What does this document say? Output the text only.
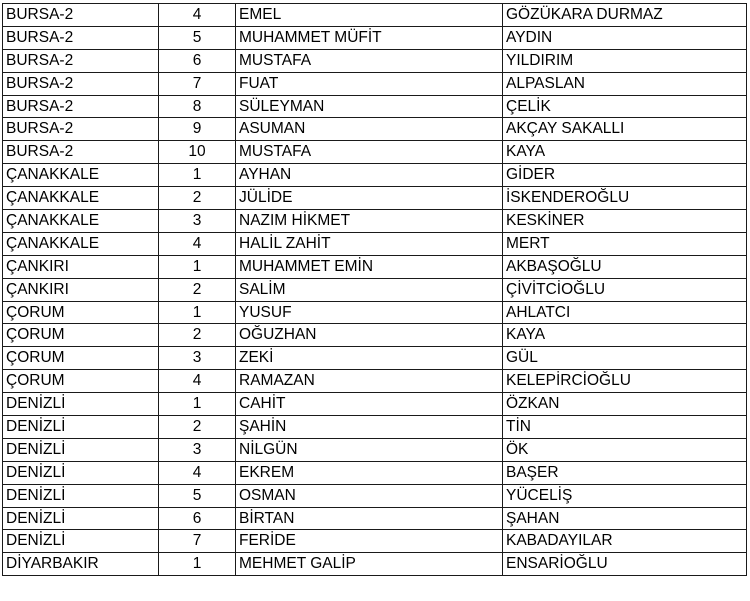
BURSA-2	4	EMEL	GÖZÜKARA DURMAZ
BURSA-2	5	MUHAMMET MÜFİT	AYDIN
BURSA-2	6	MUSTAFA	YILDIRIM
BURSA-2	7	FUAT	ALPASLAN
BURSA-2	8	SÜLEYMAN	ÇELİK
BURSA-2	9	ASUMAN	AKÇAY SAKALLI
BURSA-2	10	MUSTAFA	KAYA
ÇANAKKALE	1	AYHAN	GİDER
ÇANAKKALE	2	JÜLİDE	İSKENDEROĞLU
ÇANAKKALE	3	NAZIM HİKMET	KESKİNER
ÇANAKKALE	4	HALİL ZAHİT	MERT
ÇANKIRI	1	MUHAMMET EMİN	AKBAŞOĞLU
ÇANKIRI	2	SALİM	ÇİVİTCİOĞLU
ÇORUM	1	YUSUF	AHLATCI
ÇORUM	2	OĞUZHAN	KAYA
ÇORUM	3	ZEKİ	GÜL
ÇORUM	4	RAMAZAN	KELEPİRCİOĞLU
DENİZLİ	1	CAHİT	ÖZKAN
DENİZLİ	2	ŞAHİN	TİN
DENİZLİ	3	NİLGÜN	ÖK
DENİZLİ	4	EKREM	BAŞER
DENİZLİ	5	OSMAN	YÜCELİŞ
DENİZLİ	6	BİRTAN	ŞAHAN
DENİZLİ	7	FERİDE	KABADAYILAR
DİYARBAKIR	1	MEHMET GALİP	ENSARİOĞLU
